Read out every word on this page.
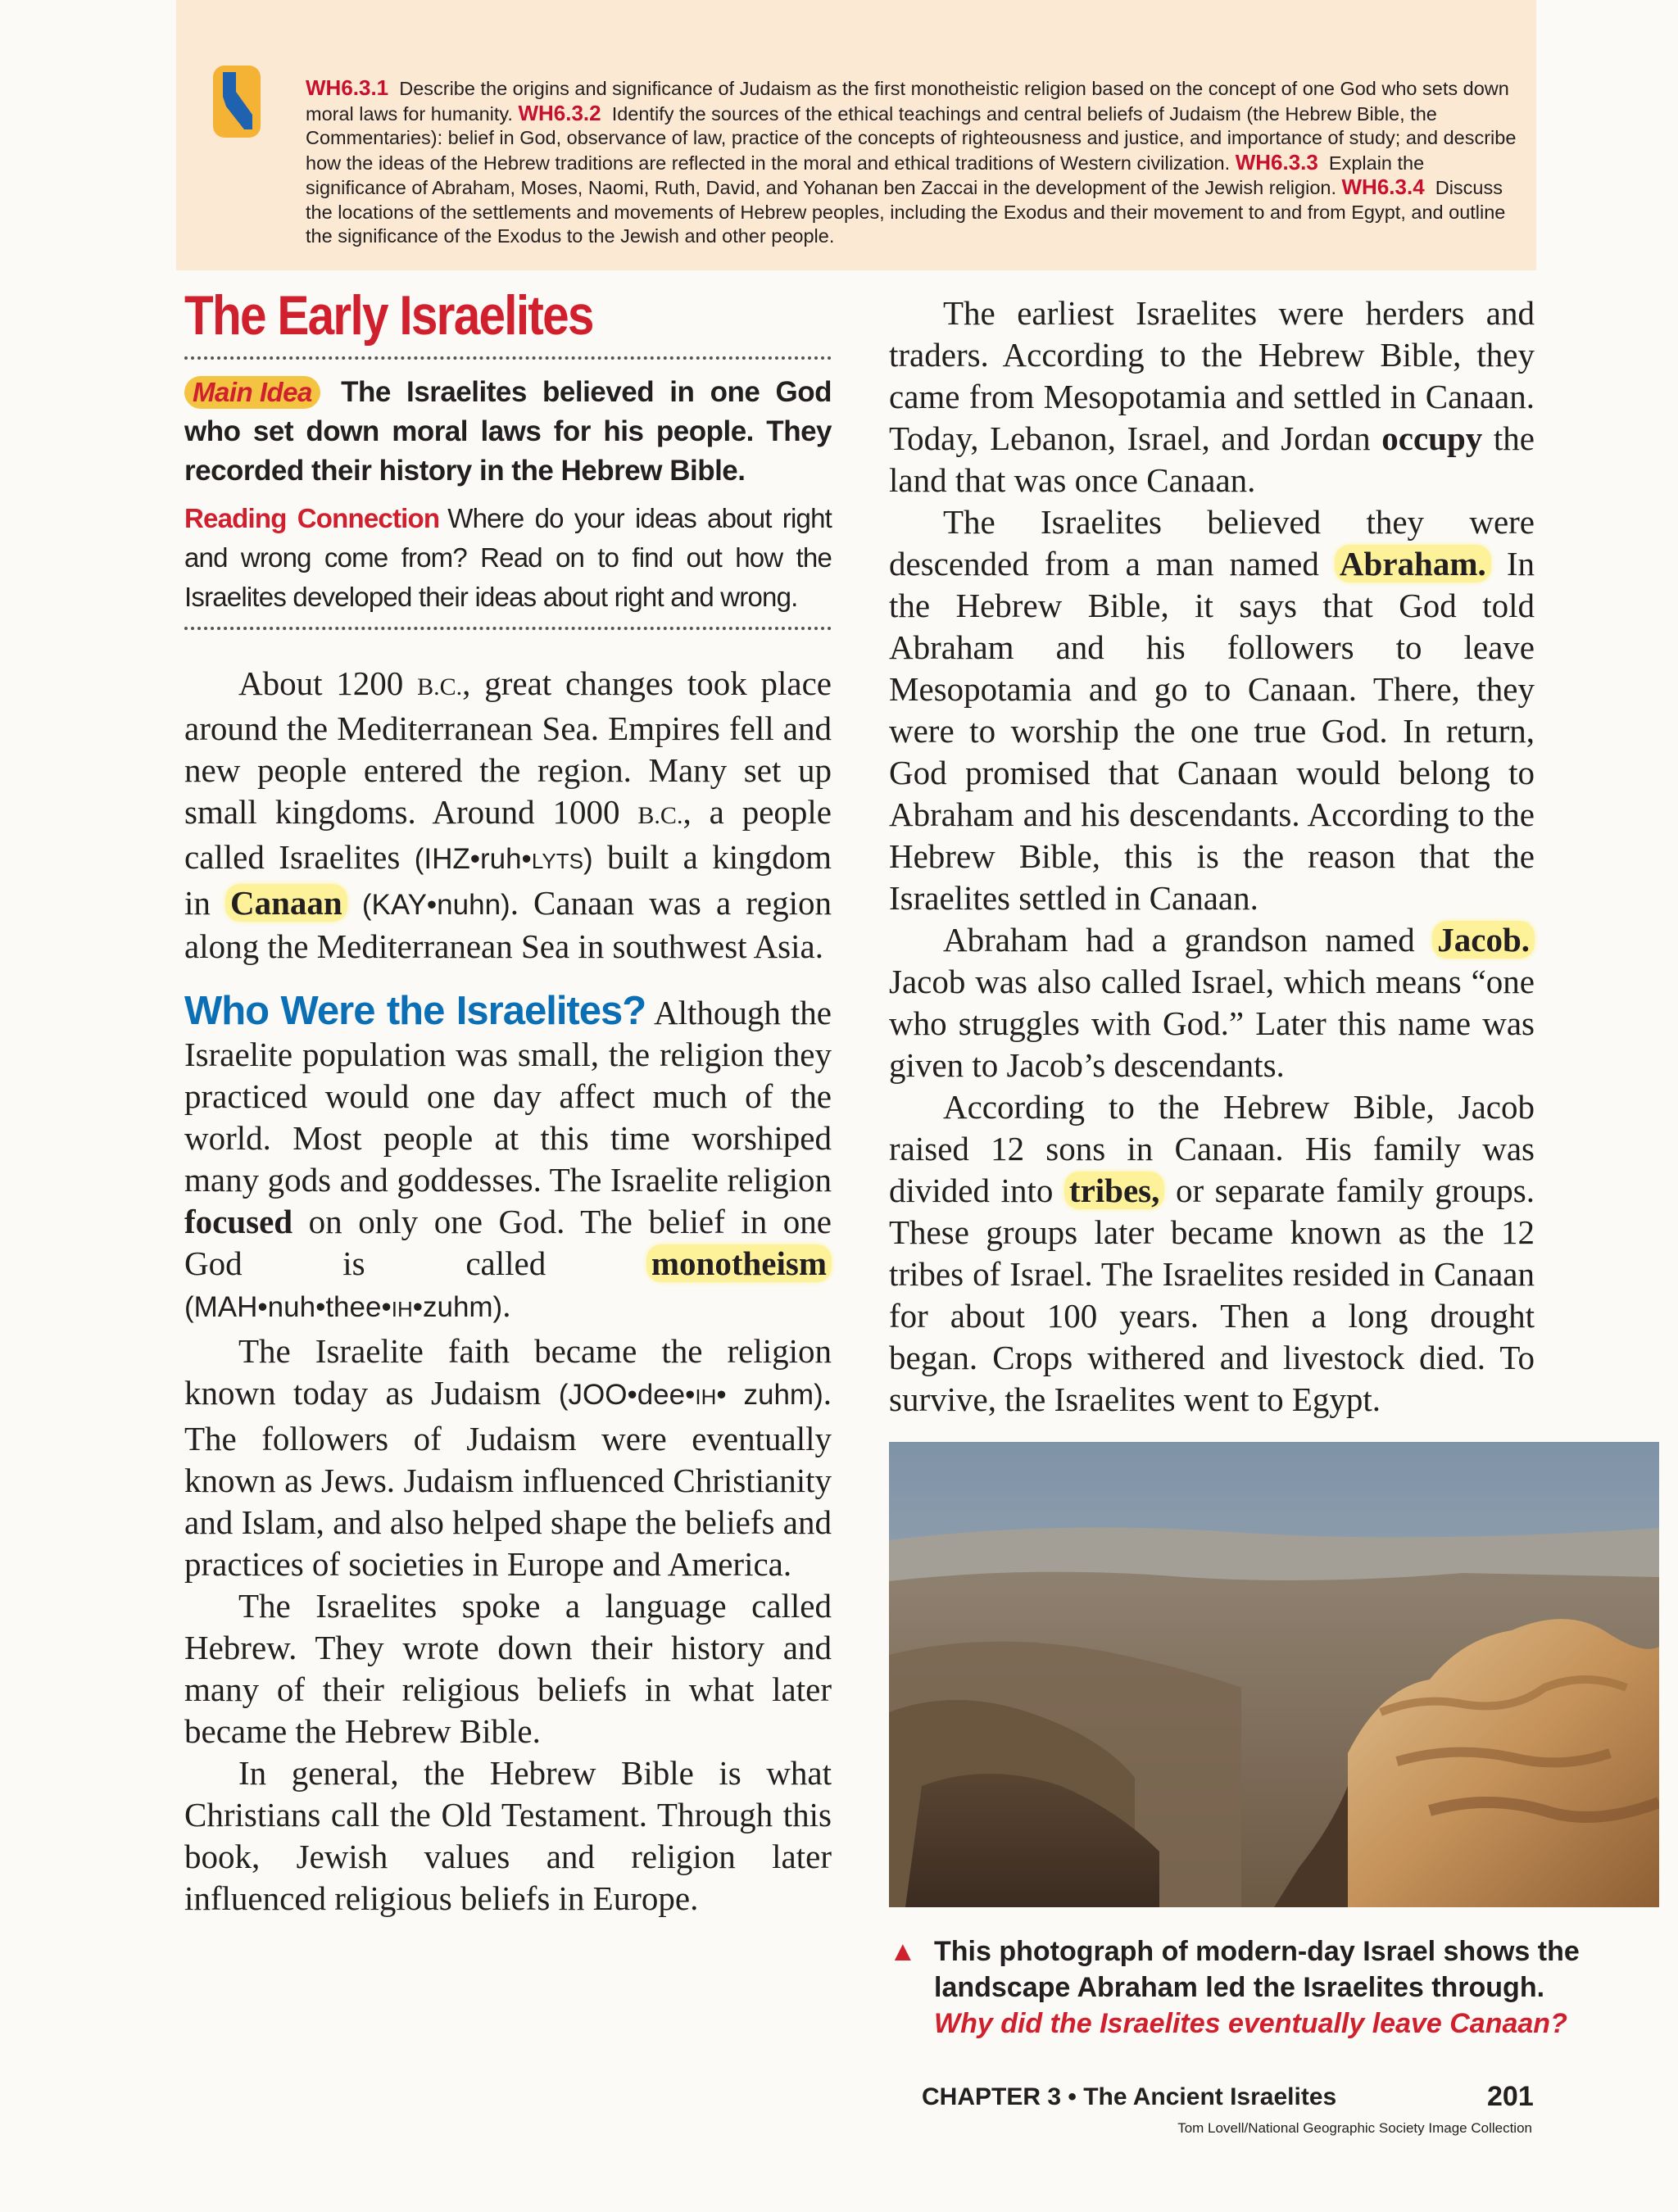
WH6.3.1 Describe the origins and significance of Judaism as the first monotheistic religion based on the concept of one God who sets down moral laws for humanity. WH6.3.2 Identify the sources of the ethical teachings and central beliefs of Judaism (the Hebrew Bible, the Commentaries): belief in God, observance of law, practice of the concepts of righteousness and justice, and importance of study; and describe how the ideas of the Hebrew traditions are reflected in the moral and ethical traditions of Western civilization. WH6.3.3 Explain the significance of Abraham, Moses, Naomi, Ruth, David, and Yohanan ben Zaccai in the development of the Jewish religion. WH6.3.4 Discuss the locations of the settlements and movements of Hebrew peoples, including the Exodus and their movement to and from Egypt, and outline the significance of the Exodus to the Jewish and other people.

The Early Israelites

Main Idea The Israelites believed in one God who set down moral laws for his people. They recorded their history in the Hebrew Bible.

Reading Connection Where do your ideas about right and wrong come from? Read on to find out how the Israelites developed their ideas about right and wrong.

About 1200 B.C., great changes took place around the Mediterranean Sea. Empires fell and new people entered the region. Many set up small kingdoms. Around 1000 B.C., a people called Israelites (IHZ•ruh•LYTS) built a kingdom in Canaan (KAY•nuhn). Canaan was a region along the Mediterranean Sea in southwest Asia.

Who Were the Israelites? Although the Israelite population was small, the religion they practiced would one day affect much of the world. Most people at this time worshiped many gods and goddesses. The Israelite religion focused on only one God. The belief in one God is called monotheism (MAH•nuh•thee•IH•zuhm).

The Israelite faith became the religion known today as Judaism (JOO•dee•IH• zuhm). The followers of Judaism were eventually known as Jews. Judaism influenced Christianity and Islam, and also helped shape the beliefs and practices of societies in Europe and America.

The Israelites spoke a language called Hebrew. They wrote down their history and many of their religious beliefs in what later became the Hebrew Bible.

In general, the Hebrew Bible is what Christians call the Old Testament. Through this book, Jewish values and religion later influenced religious beliefs in Europe.

The earliest Israelites were herders and traders. According to the Hebrew Bible, they came from Mesopotamia and settled in Canaan. Today, Lebanon, Israel, and Jordan occupy the land that was once Canaan.

The Israelites believed they were descended from a man named Abraham. In the Hebrew Bible, it says that God told Abraham and his followers to leave Mesopotamia and go to Canaan. There, they were to worship the one true God. In return, God promised that Canaan would belong to Abraham and his descendants. According to the Hebrew Bible, this is the reason that the Israelites settled in Canaan.

Abraham had a grandson named Jacob. Jacob was also called Israel, which means “one who struggles with God.” Later this name was given to Jacob’s descendants.

According to the Hebrew Bible, Jacob raised 12 sons in Canaan. His family was divided into tribes, or separate family groups. These groups later became known as the 12 tribes of Israel. The Israelites resided in Canaan for about 100 years. Then a long drought began. Crops withered and livestock died. To survive, the Israelites went to Egypt.

▲ This photograph of modern-day Israel shows the landscape Abraham led the Israelites through.
Why did the Israelites eventually leave Canaan?
CHAPTER 3 • The Ancient Israelites	201
Tom Lovell/National Geographic Society Image Collection
